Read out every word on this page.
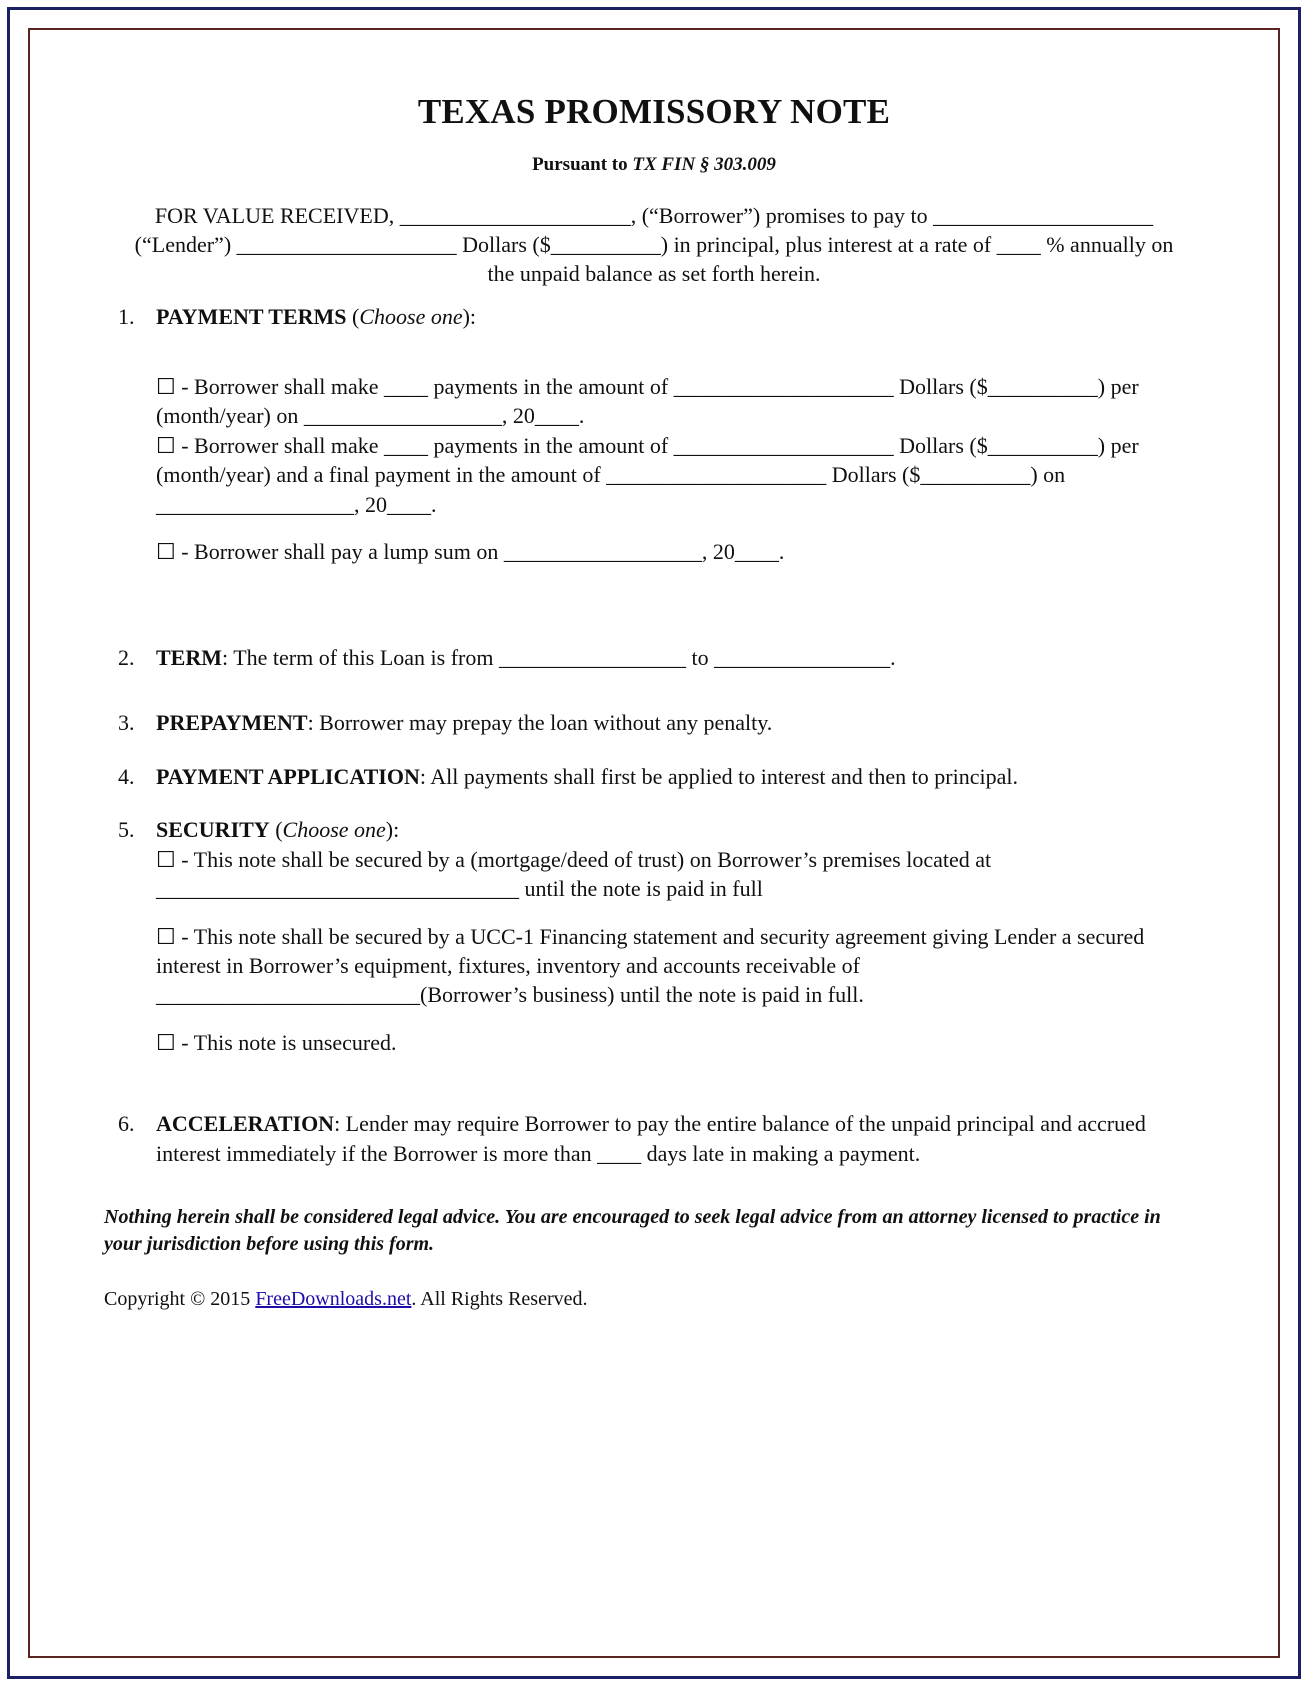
TEXAS PROMISSORY NOTE
Pursuant to TX FIN § 303.009

FOR VALUE RECEIVED, _____________________, (“Borrower”) promises to pay to ____________________ (“Lender”) ____________________ Dollars ($__________) in principal, plus interest at a rate of ____ % annually on the unpaid balance as set forth herein.

PAYMENT TERMS (Choose one):

☐ - Borrower shall make ____ payments in the amount of ____________________ Dollars ($__________) per (month/year) on __________________, 20____.

☐ - Borrower shall make ____ payments in the amount of ____________________ Dollars ($__________) per (month/year) and a final payment in the amount of ____________________ Dollars ($__________) on __________________, 20____.

☐ - Borrower shall pay a lump sum on __________________, 20____.

TERM: The term of this Loan is from _________________ to ________________.
PREPAYMENT: Borrower may prepay the loan without any penalty.
PAYMENT APPLICATION: All payments shall first be applied to interest and then to principal.
SECURITY (Choose one):

☐ - This note shall be secured by a (mortgage/deed of trust) on Borrower’s premises located at _________________________________ until the note is paid in full

☐ - This note shall be secured by a UCC-1 Financing statement and security agreement giving Lender a secured interest in Borrower’s equipment, fixtures, inventory and accounts receivable of ________________________(Borrower’s business) until the note is paid in full.

☐ - This note is unsecured.

ACCELERATION: Lender may require Borrower to pay the entire balance of the unpaid principal and accrued interest immediately if the Borrower is more than ____ days late in making a payment.

Nothing herein shall be considered legal advice. You are encouraged to seek legal advice from an attorney licensed to practice in your jurisdiction before using this form.

Copyright © 2015 FreeDownloads.net. All Rights Reserved.
